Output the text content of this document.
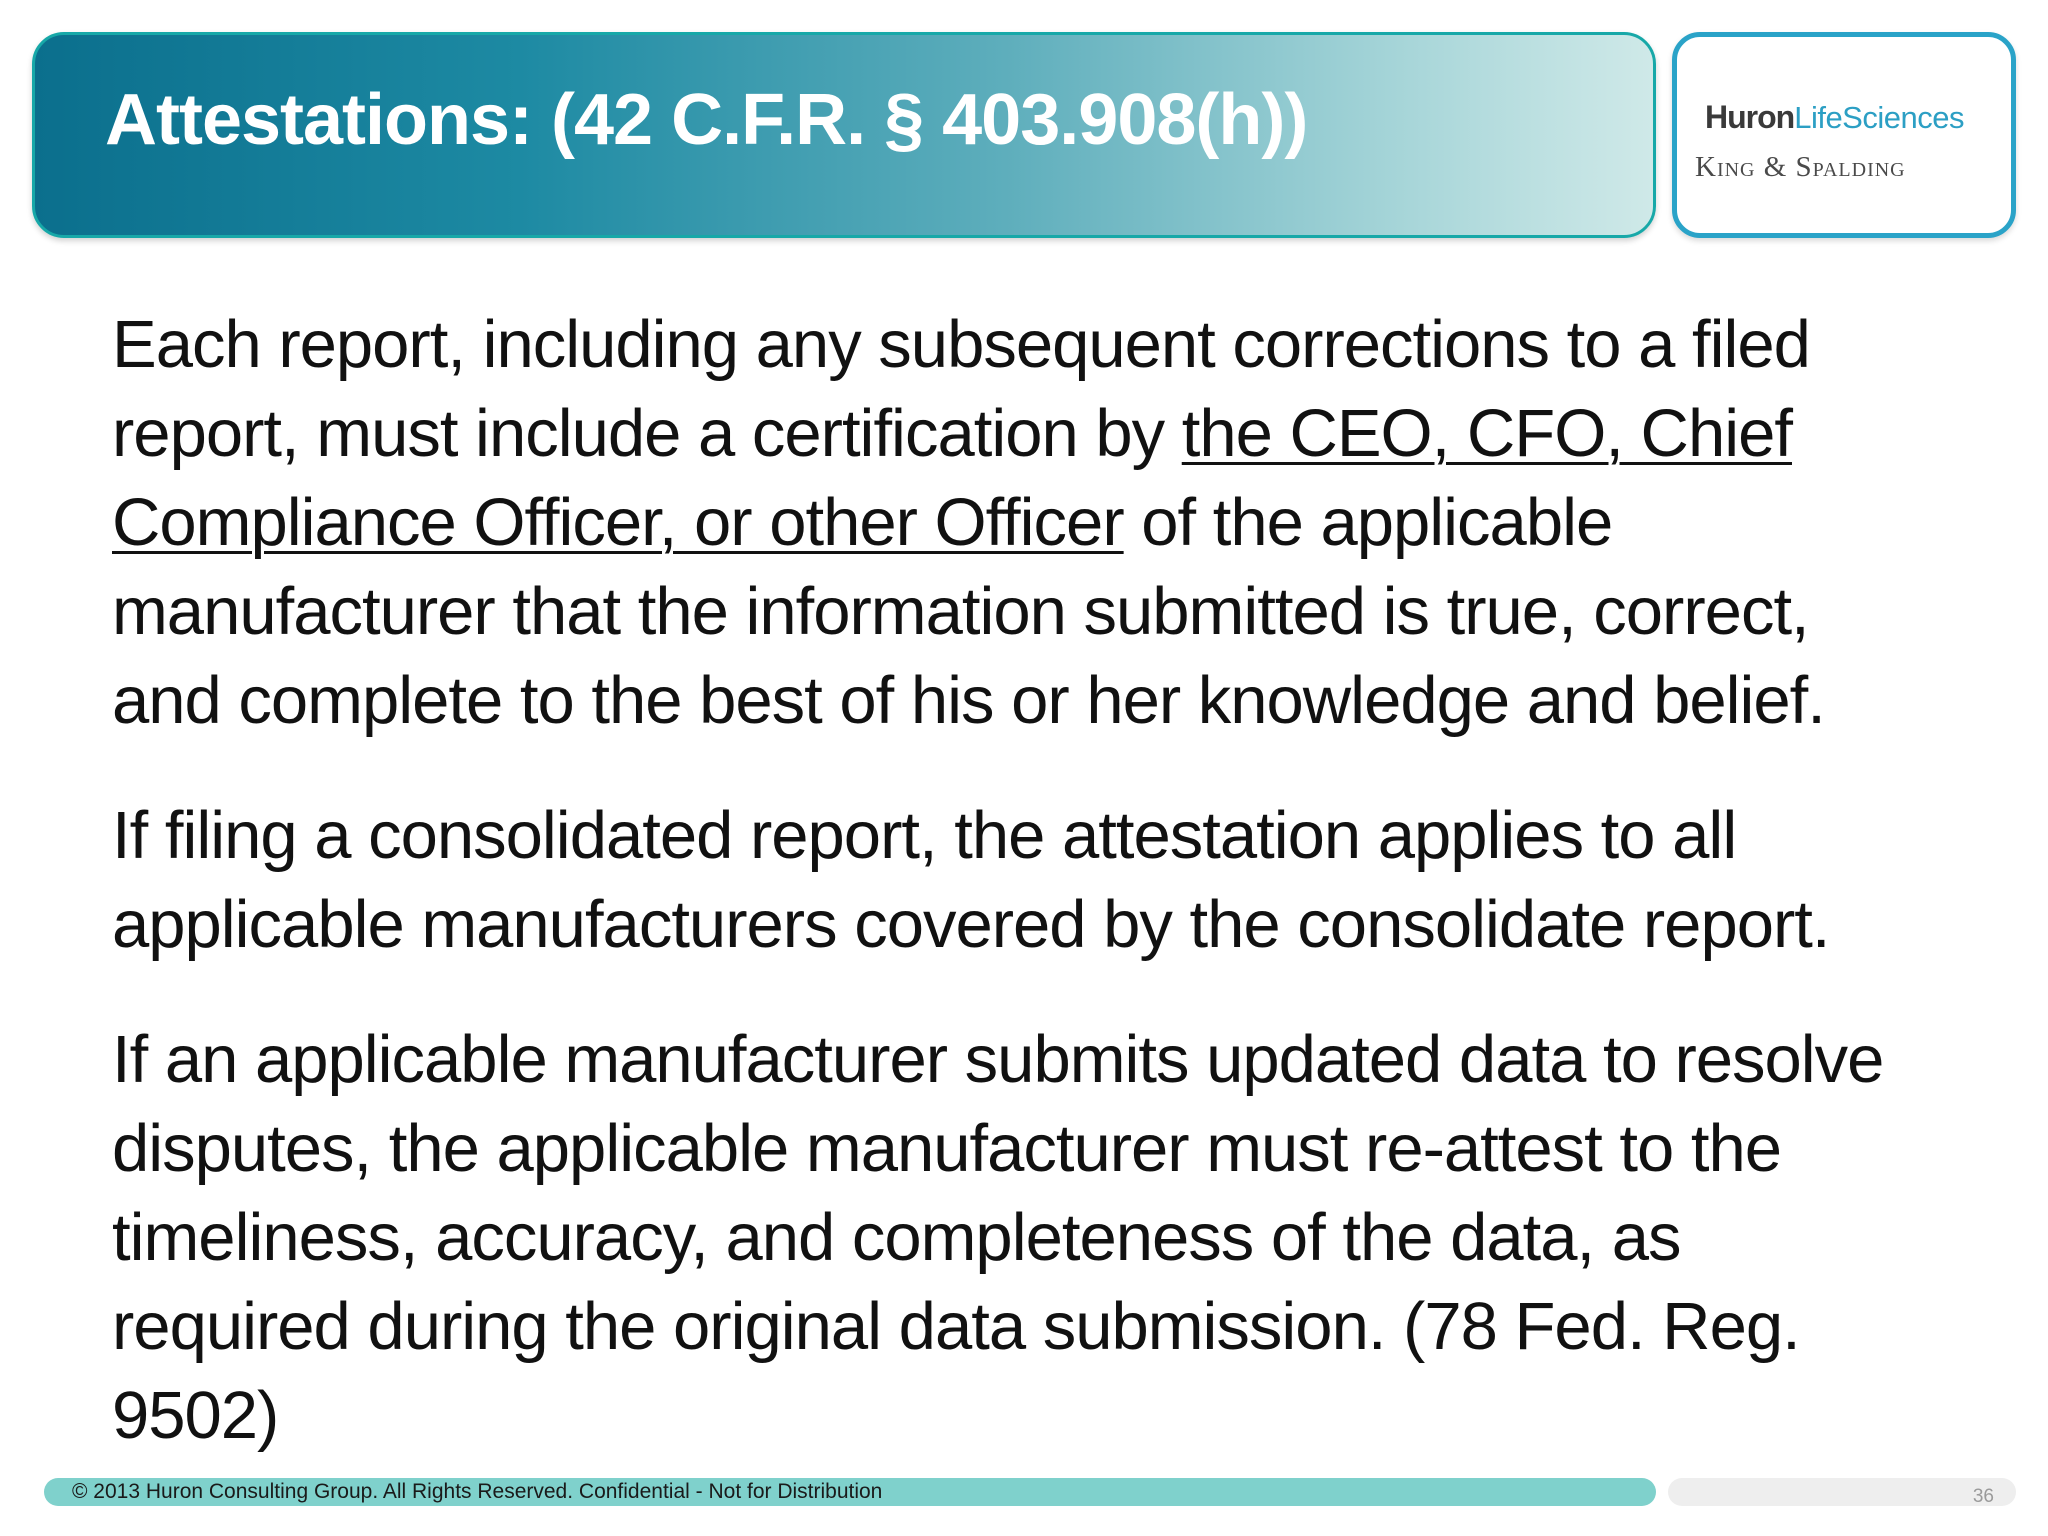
Attestations: (42 C.F.R. § 403.908(h))	HuronLifeSciences
King & Spalding

Each report, including any subsequent corrections to a filed report, must include a certification by the CEO, CFO, Chief Compliance Officer, or other Officer of the applicable manufacturer that the information submitted is true, correct, and complete to the best of his or her knowledge and belief.

If filing a consolidated report, the attestation applies to all applicable manufacturers covered by the consolidate report.

If an applicable manufacturer submits updated data to resolve disputes, the applicable manufacturer must re-attest to the timeliness, accuracy, and completeness of the data, as required during the original data submission. (78 Fed. Reg. 9502)

© 2013 Huron Consulting Group. All Rights Reserved. Confidential - Not for Distribution	36
